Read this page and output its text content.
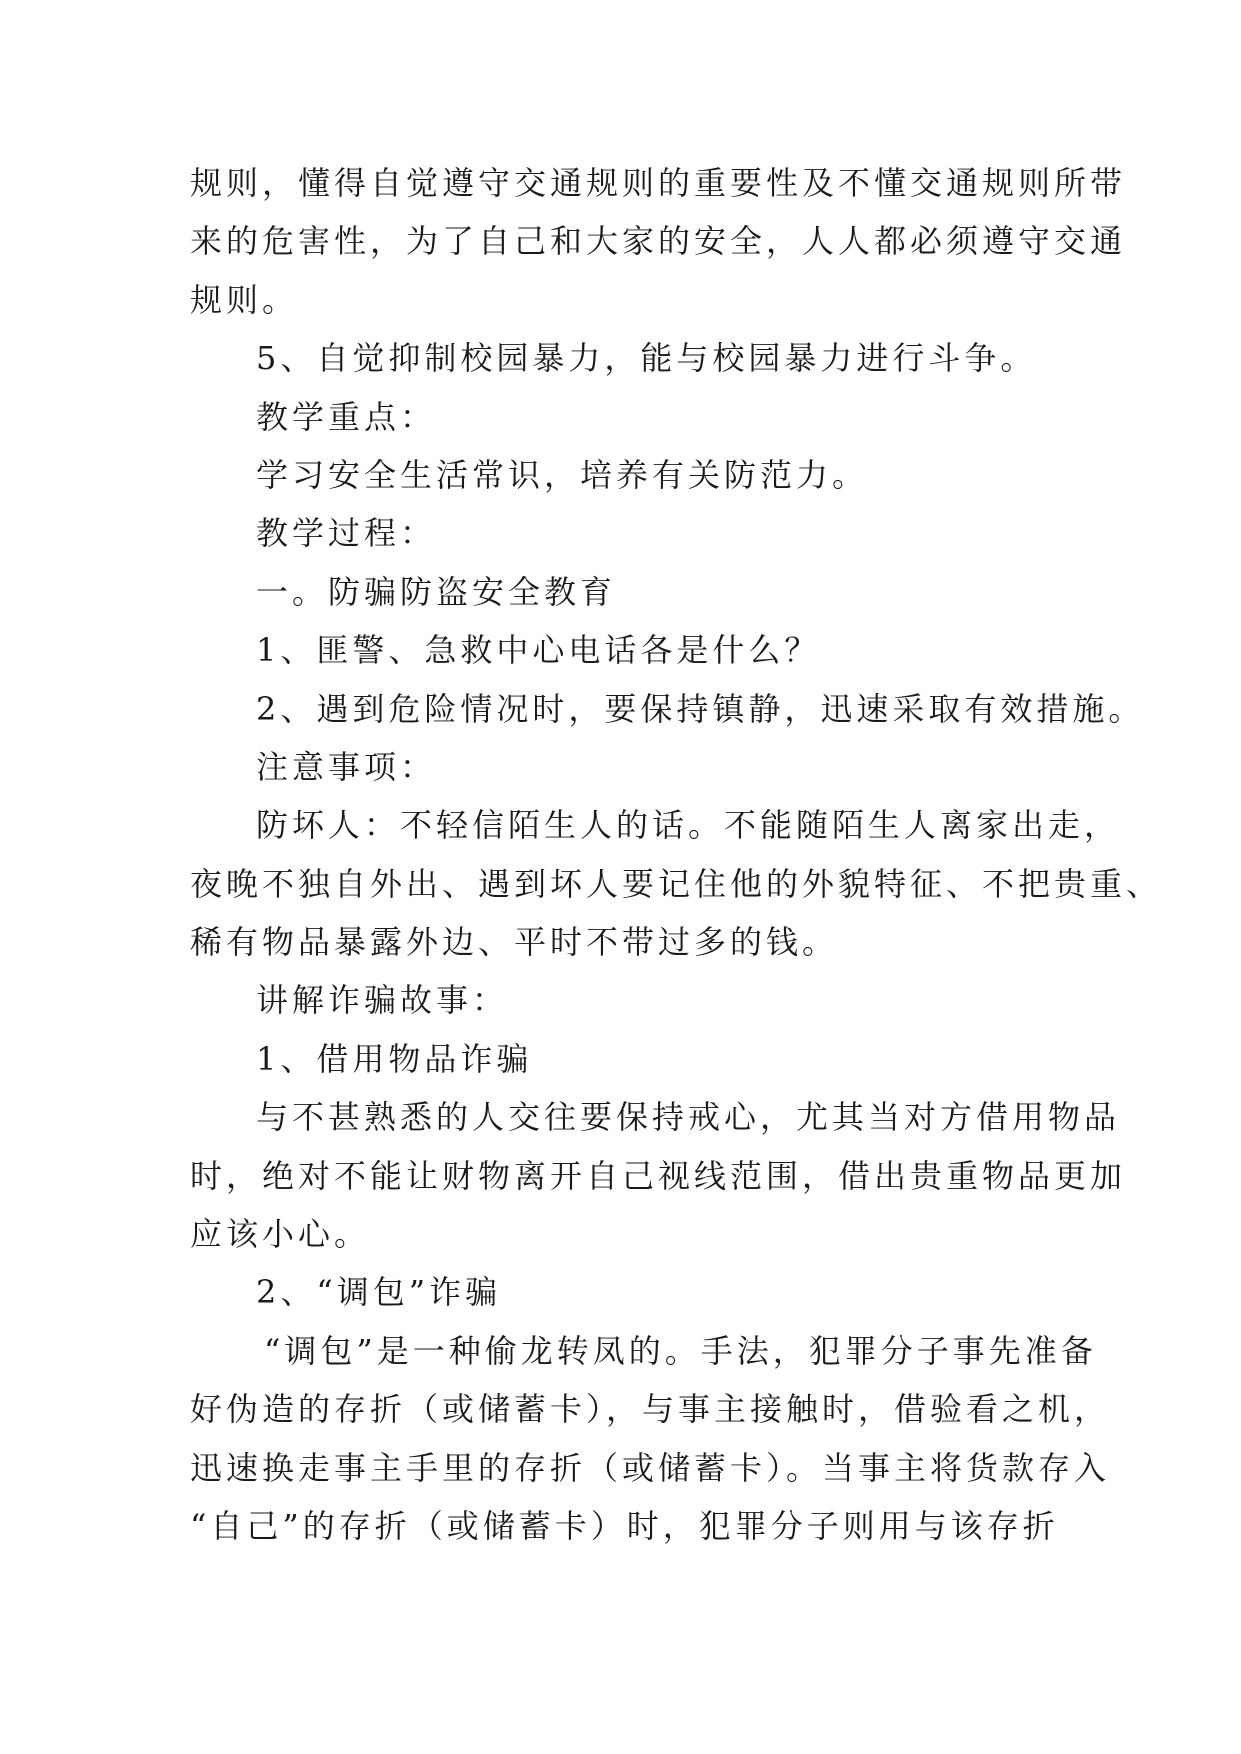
规则，懂得自觉遵守交通规则的重要性及不懂交通规则所带
来的危害性，为了自己和大家的安全，人人都必须遵守交通
规则。
5、自觉抑制校园暴力，能与校园暴力进行斗争。
教学重点：
学习安全生活常识，培养有关防范力。
教学过程：
一。防骗防盗安全教育
1、匪警、急救中心电话各是什么？
2、遇到危险情况时，要保持镇静，迅速采取有效措施。
注意事项：
防坏人：不轻信陌生人的话。不能随陌生人离家出走，
夜晚不独自外出、遇到坏人要记住他的外貌特征、不把贵重、
稀有物品暴露外边、平时不带过多的钱。
讲解诈骗故事：
1、借用物品诈骗
与不甚熟悉的人交往要保持戒心，尤其当对方借用物品
时，绝对不能让财物离开自己视线范围，借出贵重物品更加
应该小心。
2、“调包”诈骗
“调包”是一种偷龙转凤的。手法，犯罪分子事先准备
好伪造的存折（或储蓄卡），与事主接触时，借验看之机，
迅速换走事主手里的存折（或储蓄卡）。当事主将货款存入
“自己”的存折（或储蓄卡）时，犯罪分子则用与该存折
